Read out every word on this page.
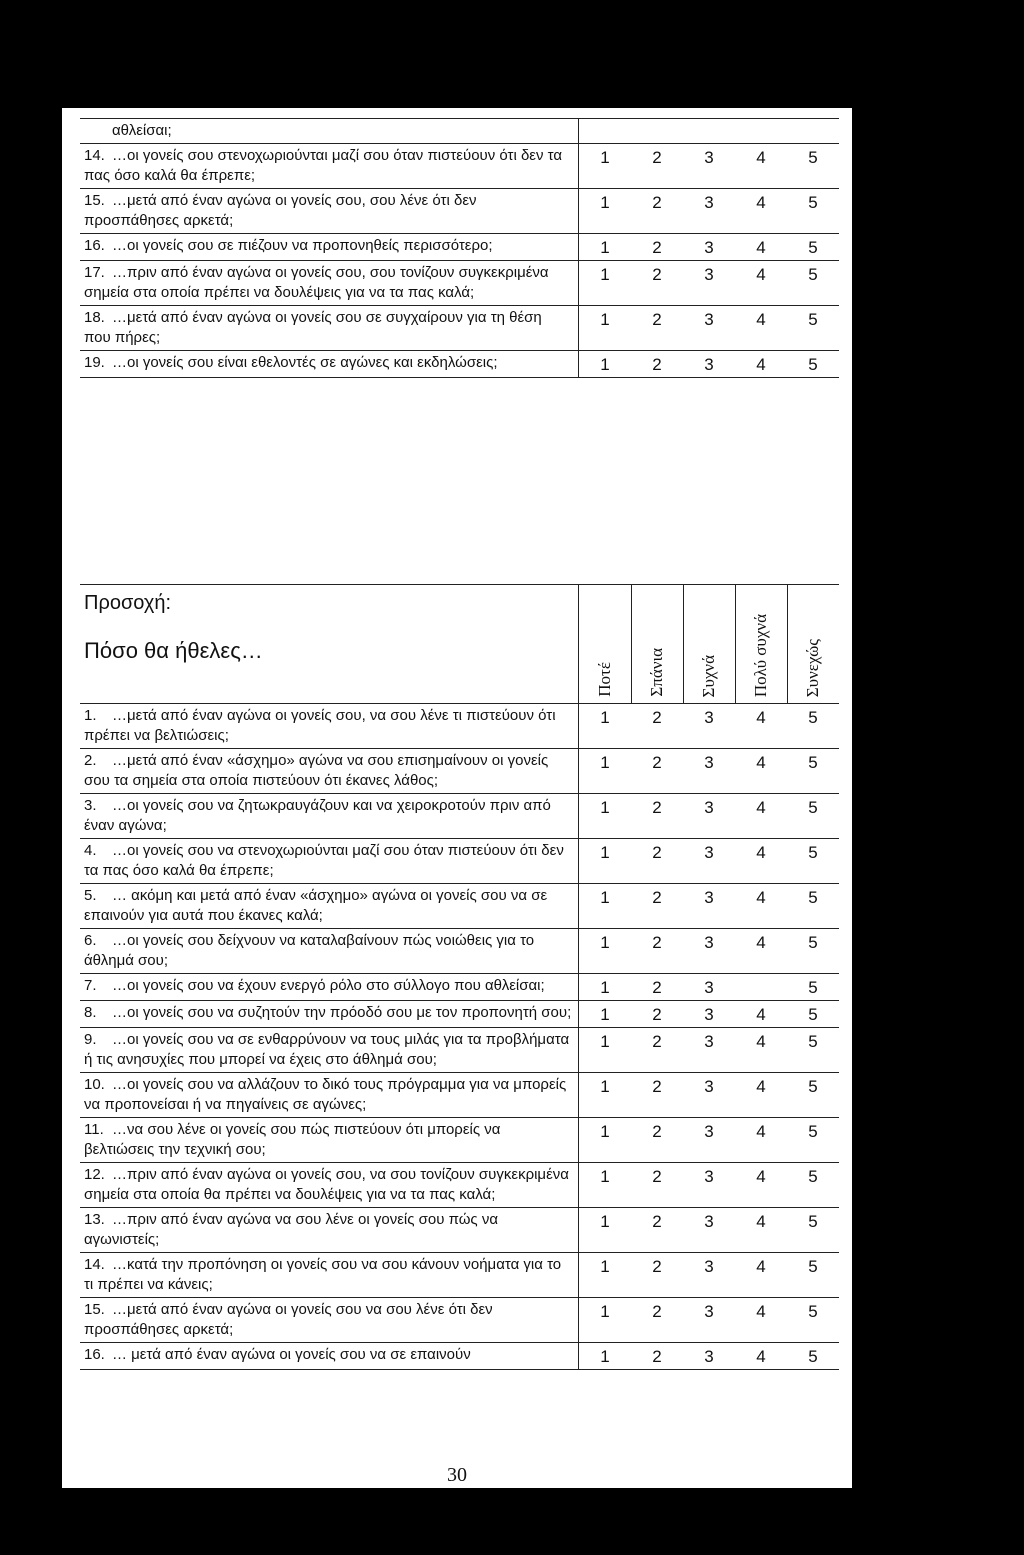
αθλείσαι;					
14. …οι γονείς σου στενοχωριούνται μαζί σου όταν πιστεύουν ότι δεν τα πας όσο καλά θα έπρεπε;	1	2	3	4	5
15. …μετά από έναν αγώνα οι γονείς σου, σου λένε ότι δεν προσπάθησες αρκετά;	1	2	3	4	5
16. …οι γονείς σου σε πιέζουν να προπονηθείς περισσότερο;	1	2	3	4	5
17. …πριν από έναν αγώνα οι γονείς σου, σου τονίζουν συγκεκριμένα σημεία στα οποία πρέπει να δουλέψεις για να τα πας καλά;	1	2	3	4	5
18. …μετά από έναν αγώνα οι γονείς σου σε συγχαίρουν για τη θέση που πήρες;	1	2	3	4	5
19. …οι γονείς σου είναι εθελοντές σε αγώνες και εκδηλώσεις;	1	2	3	4	5
Προσοχή:
Πόσο θα ήθελες…	Ποτέ	Σπάνια	Συχνά	Πολύ συχνά	Συνεχώς

1. …μετά από έναν αγώνα οι γονείς σου, να σου λένε τι πιστεύουν ότι πρέπει να βελτιώσεις;	1	2	3	4	5
2. …μετά από έναν «άσχημο» αγώνα να σου επισημαίνουν οι γονείς σου τα σημεία στα οποία πιστεύουν ότι έκανες λάθος;	1	2	3	4	5
3. …οι γονείς σου να ζητωκραυγάζουν και να χειροκροτούν πριν από έναν αγώνα;	1	2	3	4	5
4. …οι γονείς σου να στενοχωριούνται μαζί σου όταν πιστεύουν ότι δεν τα πας όσο καλά θα έπρεπε;	1	2	3	4	5
5. … ακόμη και μετά από έναν «άσχημο» αγώνα οι γονείς σου να σε επαινούν για αυτά που έκανες καλά;	1	2	3	4	5
6. …οι γονείς σου δείχνουν να καταλαβαίνουν πώς νοιώθεις για το άθλημά σου;	1	2	3	4	5
7. …οι γονείς σου να έχουν ενεργό ρόλο στο σύλλογο που αθλείσαι;	1	2	3		5
8. …οι γονείς σου να συζητούν την πρόοδό σου με τον προπονητή σου;	1	2	3	4	5
9. …οι γονείς σου να σε ενθαρρύνουν να τους μιλάς για τα προβλήματα ή τις ανησυχίες που μπορεί να έχεις στο άθλημά σου;	1	2	3	4	5
10. …οι γονείς σου να αλλάζουν το δικό τους πρόγραμμα για να μπορείς να προπονείσαι ή να πηγαίνεις σε αγώνες;	1	2	3	4	5
11. …να σου λένε οι γονείς σου πώς πιστεύουν ότι μπορείς να βελτιώσεις την τεχνική σου;	1	2	3	4	5
12. …πριν από έναν αγώνα οι γονείς σου, να σου τονίζουν συγκεκριμένα σημεία στα οποία θα πρέπει να δουλέψεις για να τα πας καλά;	1	2	3	4	5
13. …πριν από έναν αγώνα να σου λένε οι γονείς σου πώς να αγωνιστείς;	1	2	3	4	5
14. …κατά την προπόνηση οι γονείς σου να σου κάνουν νοήματα για το τι πρέπει να κάνεις;	1	2	3	4	5
15. …μετά από έναν αγώνα οι γονείς σου να σου λένε ότι δεν προσπάθησες αρκετά;	1	2	3	4	5
16. … μετά από έναν αγώνα οι γονείς σου να σε επαινούν	1	2	3	4	5
30
